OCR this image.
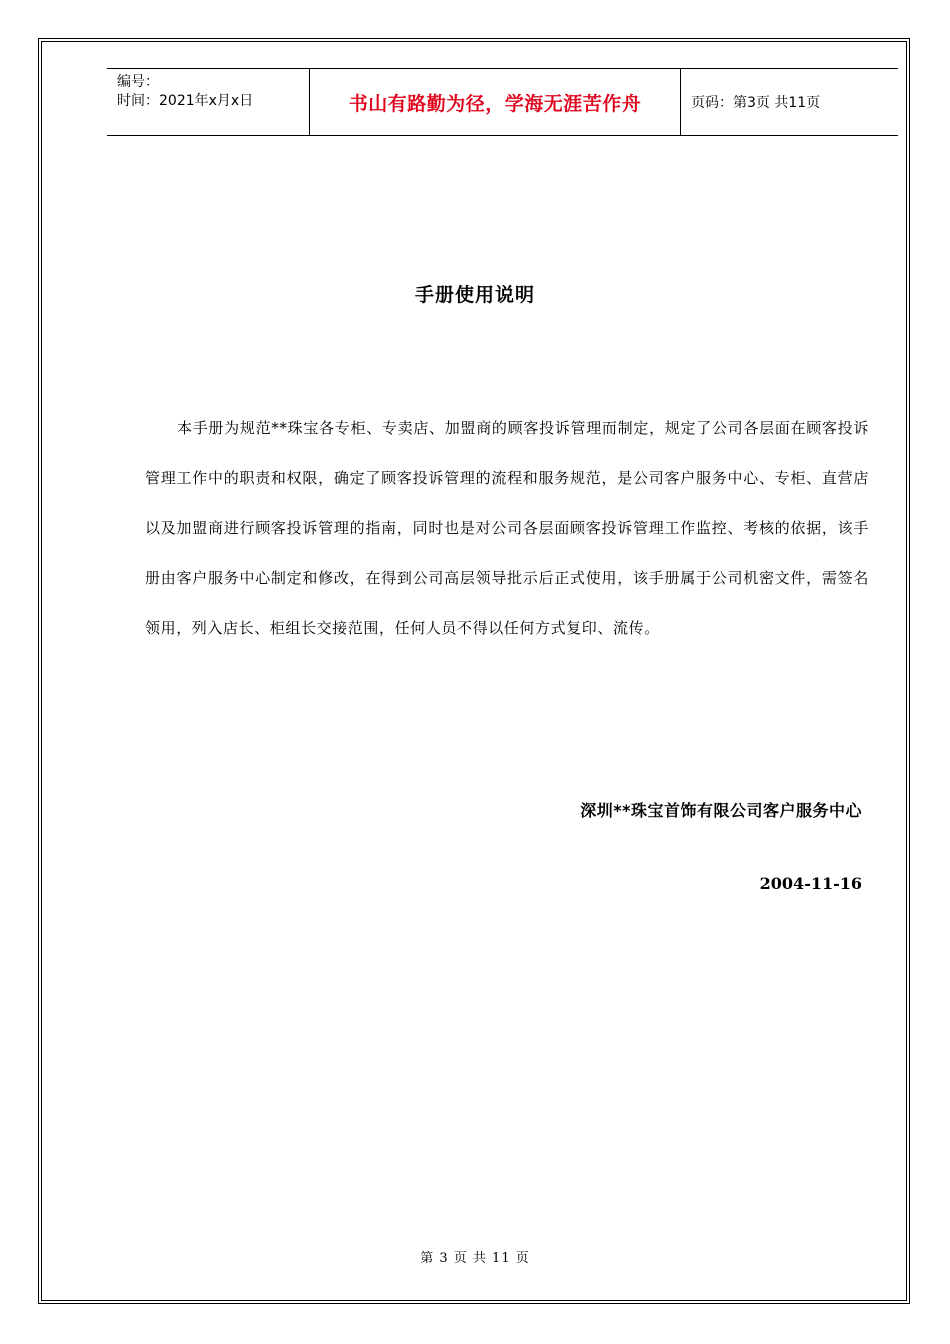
编号：
时间：2021年x月x日	书山有路勤为径，学海无涯苦作舟	页码：第3页 共11页
手册使用说明
本手册为规范**珠宝各专柜、专卖店、加盟商的顾客投诉管理而制定，规定了公司各层面在顾客投诉管理工作中的职责和权限，确定了顾客投诉管理的流程和服务规范，是公司客户服务中心、专柜、直营店以及加盟商进行顾客投诉管理的指南，同时也是对公司各层面顾客投诉管理工作监控、考核的依据，该手册由客户服务中心制定和修改，在得到公司高层领导批示后正式使用，该手册属于公司机密文件，需签名领用，列入店长、柜组长交接范围，任何人员不得以任何方式复印、流传。
深圳**珠宝首饰有限公司客户服务中心
2004-11-16
第 3 页 共 11 页
